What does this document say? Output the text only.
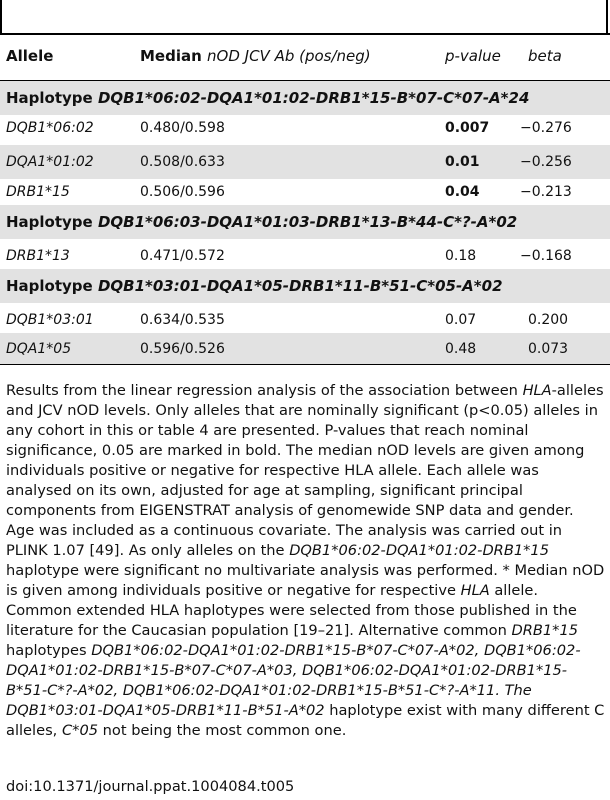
Allele	Median nOD JCV Ab (pos/neg)	p-value beta
Haplotype DQB1*06:02-DQA1*01:02-DRB1*15-B*07-C*07-A*24
DQB1*06:02	0.480/0.598	0.007 −0.276
DQA1*01:02	0.508/0.633	0.01	−0.256
DRB1*15	0.506/0.596	0.04	−0.213
Haplotype DQB1*06:03-DQA1*01:03-DRB1*13-B*44-C*?-A*02
DRB1*13	0.471/0.572	0.18	−0.168
Haplotype DQB1*03:01-DQA1*05-DRB1*11-B*51-C*05-A*02
DQB1*03:01	0.634/0.535	0.07	0.200
DQA1*05	0.596/0.526	0.48	0.073

Results from the linear regression analysis of the association between HLA-alleles and JCV nOD levels. Only alleles that are nominally significant (p<0.05) alleles in any cohort in this or table 4 are presented. P-values that reach nominal significance, 0.05 are marked in bold. The median nOD levels are given among individuals positive or negative for respective HLA allele. Each allele was analysed on its own, adjusted for age at sampling, significant principal components from EIGENSTRAT analysis of genomewide SNP data and gender. Age was included as a continuous covariate. The analysis was carried out in PLINK 1.07 [49]. As only alleles on the DQB1*06:02-DQA1*01:02-DRB1*15 haplotype were significant no multivariate analysis was performed. * Median nOD is given among individuals positive or negative for respective HLA allele. Common extended HLA haplotypes were selected from those published in the literature for the Caucasian population [19–21]. Alternative common DRB1*15 haplotypes DQB1*06:02-DQA1*01:02-DRB1*15-B*07-C*07-A*02, DQB1*06:02-DQA1*01:02-DRB1*15-B*07-C*07-A*03, DQB1*06:02-DQA1*01:02-DRB1*15-B*51-C*?-A*02, DQB1*06:02-DQA1*01:02-DRB1*15-B*51-C*?-A*11. The DQB1*03:01-DQA1*05-DRB1*11-B*51-A*02 haplotype exist with many different C alleles, C*05 not being the most common one.

doi:10.1371/journal.ppat.1004084.t005
